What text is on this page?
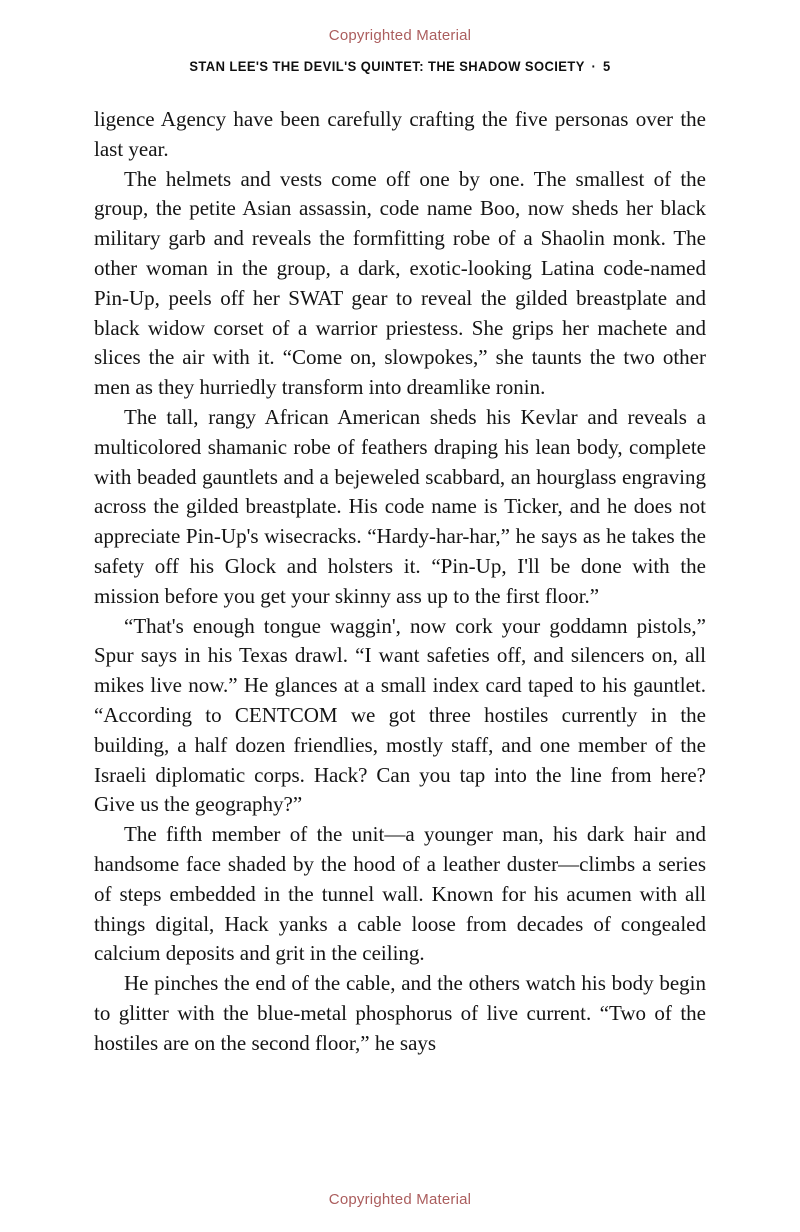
Copyrighted Material
STAN LEE'S THE DEVIL'S QUINTET: THE SHADOW SOCIETY · 5

ligence Agency have been carefully crafting the five personas over the last year.

The helmets and vests come off one by one. The smallest of the group, the petite Asian assassin, code name Boo, now sheds her black military garb and reveals the formfitting robe of a Shaolin monk. The other woman in the group, a dark, exotic-looking Latina code-named Pin-Up, peels off her SWAT gear to reveal the gilded breastplate and black widow corset of a warrior priestess. She grips her machete and slices the air with it. “Come on, slowpokes,” she taunts the two other men as they hurriedly transform into dreamlike ronin.

The tall, rangy African American sheds his Kevlar and reveals a multicolored shamanic robe of feathers draping his lean body, complete with beaded gauntlets and a bejeweled scabbard, an hourglass engraving across the gilded breastplate. His code name is Ticker, and he does not appreciate Pin-Up's wisecracks. “Hardy-har-har,” he says as he takes the safety off his Glock and holsters it. “Pin-Up, I'll be done with the mission before you get your skinny ass up to the first floor.”

“That's enough tongue waggin', now cork your goddamn pistols,” Spur says in his Texas drawl. “I want safeties off, and silencers on, all mikes live now.” He glances at a small index card taped to his gauntlet. “According to CENTCOM we got three hostiles currently in the building, a half dozen friendlies, mostly staff, and one member of the Israeli diplomatic corps. Hack? Can you tap into the line from here? Give us the geography?”

The fifth member of the unit—a younger man, his dark hair and handsome face shaded by the hood of a leather duster—climbs a series of steps embedded in the tunnel wall. Known for his acumen with all things digital, Hack yanks a cable loose from decades of congealed calcium deposits and grit in the ceiling.

He pinches the end of the cable, and the others watch his body begin to glitter with the blue-metal phosphorus of live current. “Two of the hostiles are on the second floor,” he says

Copyrighted Material
